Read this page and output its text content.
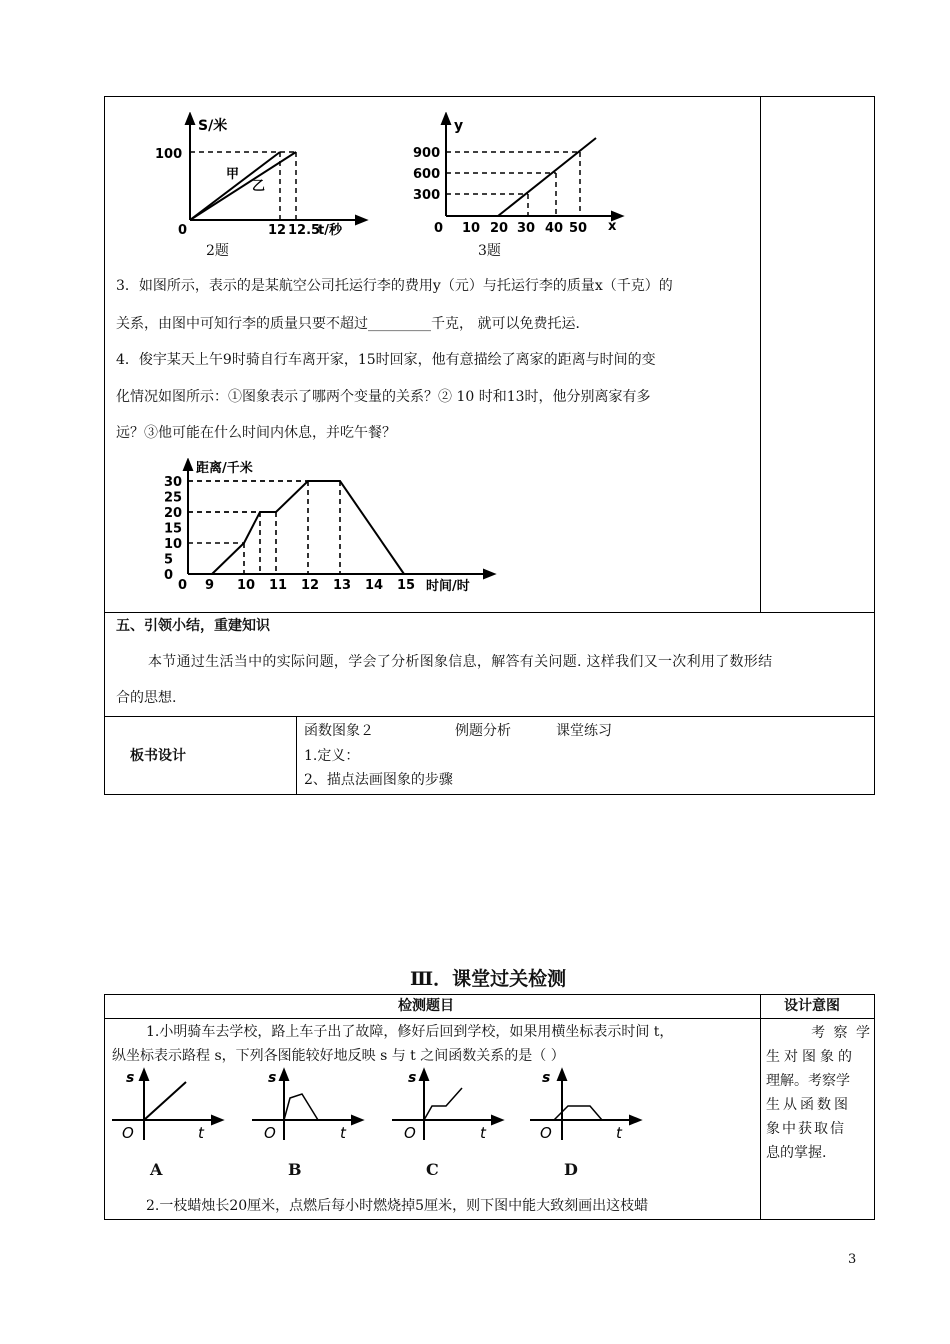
S/米
100
甲
乙
0	12 12.5
t/秒
2题
y
900
600
300
0 10 20 30 40 50 x
3题
3．如图所示，表示的是某航空公司托运行李的费用y（元）与托运行李的质量x（千克）的
关系，由图中可知行李的质量只要不超过_________千克， 就可以免费托运．
4．俊宇某天上午9时骑自行车离开家，15时回家，他有意描绘了离家的距离与时间的变
化情况如图所示：①图象表示了哪两个变量的关系？② 10 时和13时，他分别离家有多
远？③他可能在什么时间内休息，并吃午餐？
30
25
20
15
10
5
0
0 9 10 11 12 13 14 15
距离/千米
时间/时
五、引领小结，重建知识
本节通过生活当中的实际问题，学会了分析图象信息，解答有关问题. 这样我们又一次利用了数形结
合的思想.
板书设计
函数图象２	例题分析	课堂练习
1.定义：
2、描点法画图象的步骤
Ⅲ．课堂过关检测
检测题目	设计意图
1.小明骑车去学校，路上车子出了故障，修好后回到学校，如果用横坐标表示时间 t，
纵坐标表示路程 s，下列各图能较好地反映 s 与 t 之间函数关系的是（ ）
考 察 学
生对图象的
理解。考察学
生从函数图
象中获取信
息的掌握.
s
O	t
s
O	t
s
O	t
s
O	t
A	B	C	D
2.一枝蜡烛长20厘米，点燃后每小时燃烧掉5厘米，则下图中能大致刻画出这枝蜡
3
